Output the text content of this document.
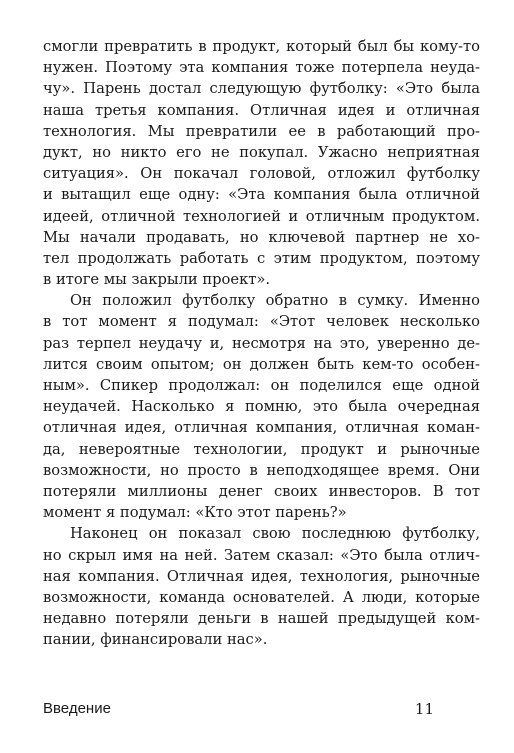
смогли превратить в продукт, который был бы кому-то
нужен. Поэтому эта компания тоже потерпела неуда-
чу». Парень достал следующую футболку: «Это была
наша третья компания. Отличная идея и отличная
технология. Мы превратили ее в работающий про-
дукт, но никто его не покупал. Ужасно неприятная
ситуация». Он покачал головой, отложил футболку
и вытащил еще одну: «Эта компания была отличной
идеей, отличной технологией и отличным продуктом.
Мы начали продавать, но ключевой партнер не хо-
тел продолжать работать с этим продуктом, поэтому
в итоге мы закрыли проект».
Он положил футболку обратно в сумку. Именно
в тот момент я подумал: «Этот человек несколько
раз терпел неудачу и, несмотря на это, уверенно де-
лится своим опытом; он должен быть кем-то особен-
ным». Спикер продолжал: он поделился еще одной
неудачей. Насколько я помню, это была очередная
отличная идея, отличная компания, отличная коман-
да, невероятные технологии, продукт и рыночные
возможности, но просто в неподходящее время. Они
потеряли миллионы денег своих инвесторов. В тот
момент я подумал: «Кто этот парень?»
Наконец он показал свою последнюю футболку,
но скрыл имя на ней. Затем сказал: «Это была отлич-
ная компания. Отличная идея, технология, рыночные
возможности, команда основателей. А люди, которые
недавно потеряли деньги в нашей предыдущей ком-
пании, финансировали нас».
Введение	11
